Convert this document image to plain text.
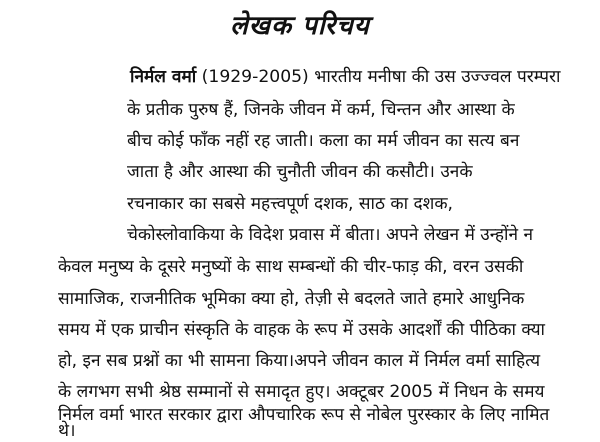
लेखक परिचय
निर्मल वर्मा (1929-2005) भारतीय मनीषा की उस उज्ज्वल परम्परा
के प्रतीक पुरुष हैं, जिनके जीवन में कर्म, चिन्तन और आस्था के
बीच कोई फाँक नहीं रह जाती। कला का मर्म जीवन का सत्य बन
जाता है और आस्था की चुनौती जीवन की कसौटी। उनके
रचनाकार का सबसे महत्त्वपूर्ण दशक, साठ का दशक,
चेकोस्लोवाकिया के विदेश प्रवास में बीता। अपने लेखन में उन्होंने न
केवल मनुष्य के दूसरे मनुष्यों के साथ सम्बन्धों की चीर-फाड़ की, वरन उसकी
सामाजिक, राजनीतिक भूमिका क्या हो, तेज़ी से बदलते जाते हमारे आधुनिक
समय में एक प्राचीन संस्कृति के वाहक के रूप में उसके आदर्शों की पीठिका क्या
हो, इन सब प्रश्नों का भी सामना किया।अपने जीवन काल में निर्मल वर्मा साहित्य
के लगभग सभी श्रेष्ठ सम्मानों से समादृत हुए। अक्टूबर 2005 में निधन के समय
निर्मल वर्मा भारत सरकार द्वारा औपचारिक रूप से नोबेल पुरस्कार के लिए नामित
थे।
